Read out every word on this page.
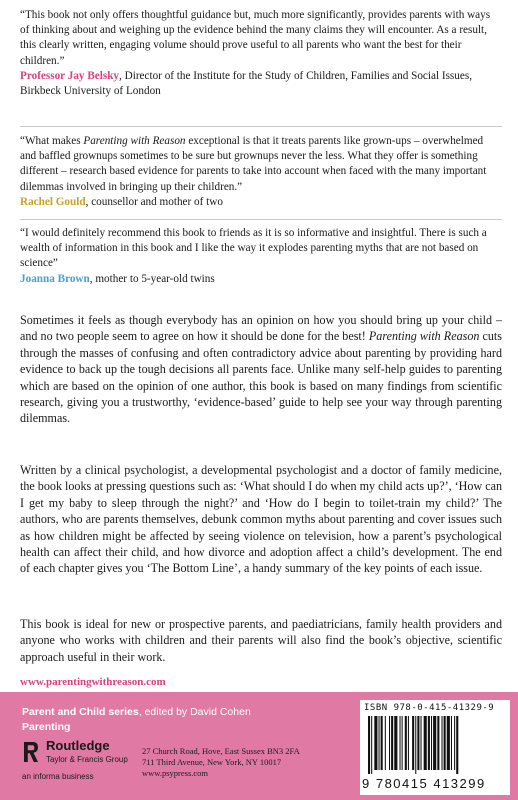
“This book not only offers thoughtful guidance but, much more significantly, provides parents with ways of thinking about and weighing up the evidence behind the many claims they will encounter. As a result, this clearly written, engaging volume should prove useful to all parents who want the best for their children.”
Professor Jay Belsky, Director of the Institute for the Study of Children, Families and Social Issues, Birkbeck University of London

“What makes Parenting with Reason exceptional is that it treats parents like grown-ups – overwhelmed and baffled grownups sometimes to be sure but grownups never the less. What they offer is something different – research based evidence for parents to take into account when faced with the many important dilemmas involved in bringing up their children.”
Rachel Gould, counsellor and mother of two

“I would definitely recommend this book to friends as it is so informative and insightful. There is such a wealth of information in this book and I like the way it explodes parenting myths that are not based on science”
Joanna Brown, mother to 5-year-old twins

Sometimes it feels as though everybody has an opinion on how you should bring up your child – and no two people seem to agree on how it should be done for the best! Parenting with Reason cuts through the masses of confusing and often contradictory advice about parenting by providing hard evidence to back up the tough decisions all parents face. Unlike many self-help guides to parenting which are based on the opinion of one author, this book is based on many findings from scientific research, giving you a trustworthy, ‘evidence-based’ guide to help see your way through parenting dilemmas.

Written by a clinical psychologist, a developmental psychologist and a doctor of family medicine, the book looks at pressing questions such as: ‘What should I do when my child acts up?’, ‘How can I get my baby to sleep through the night?’ and ‘How do I begin to toilet-train my child?’ The authors, who are parents themselves, debunk common myths about parenting and cover issues such as how children might be affected by seeing violence on television, how a parent’s psychological health can affect their child, and how divorce and adoption affect a child’s development. The end of each chapter gives you ‘The Bottom Line’, a handy summary of the key points of each issue.

This book is ideal for new or prospective parents, and paediatricians, family health providers and anyone who works with children and their parents will also find the book’s objective, scientific approach useful in their work.

www.parentingwithreason.com
Parent and Child series, edited by David Cohen
Parenting
Routledge
Taylor & Francis Group
an informa business
27 Church Road, Hove, East Sussex BN3 2FA
711 Third Avenue, New York, NY 10017
www.psypress.com
ISBN 978-0-415-41329-9
9 780415 413299
